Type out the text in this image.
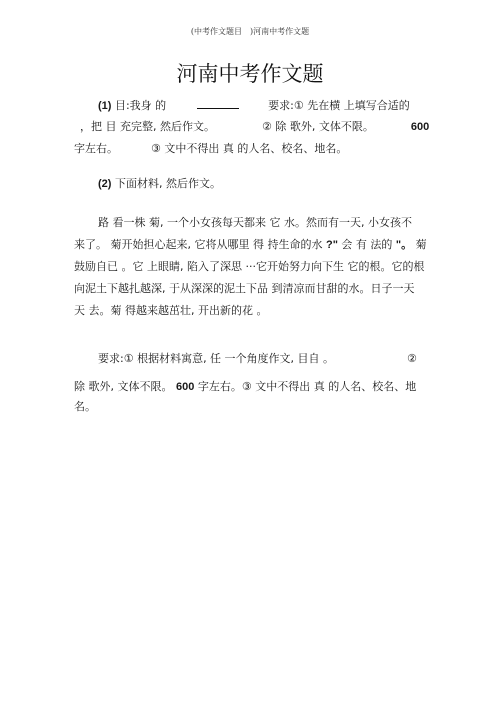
(中考作文题目　)河南中考作文题
河南中考作文题
(1) 目:我身 的	要求:① 先在横 上填写合适的
，把 目 充完整, 然后作文。	② 除 歌外, 文体不限。	600
字左右。	③ 文中不得出 真 的人名、校名、地名。
(2) 下面材料, 然后作文。
路 看一株 菊, 一个小女孩每天都来 它 水。然而有一天, 小女孩不
来了。 菊开始担心起来, 它将从哪里 得 持生命的水 ?" 会 有 法的 "。 菊
鼓励自已 。它 上眼睛, 陷入了深思 ···它开始努力向下生 它的根。它的根
向泥土下越扎越深, 于从深深的泥土下品 到清凉而甘甜的水。日子一天
天 去。菊 得越来越茁壮, 开出新的花 。
要求:① 根据材料寓意, 任 一个角度作文, 目自 。	②
除 歌外, 文体不限。 600 字左右。③ 文中不得出 真 的人名、校名、地
名。
